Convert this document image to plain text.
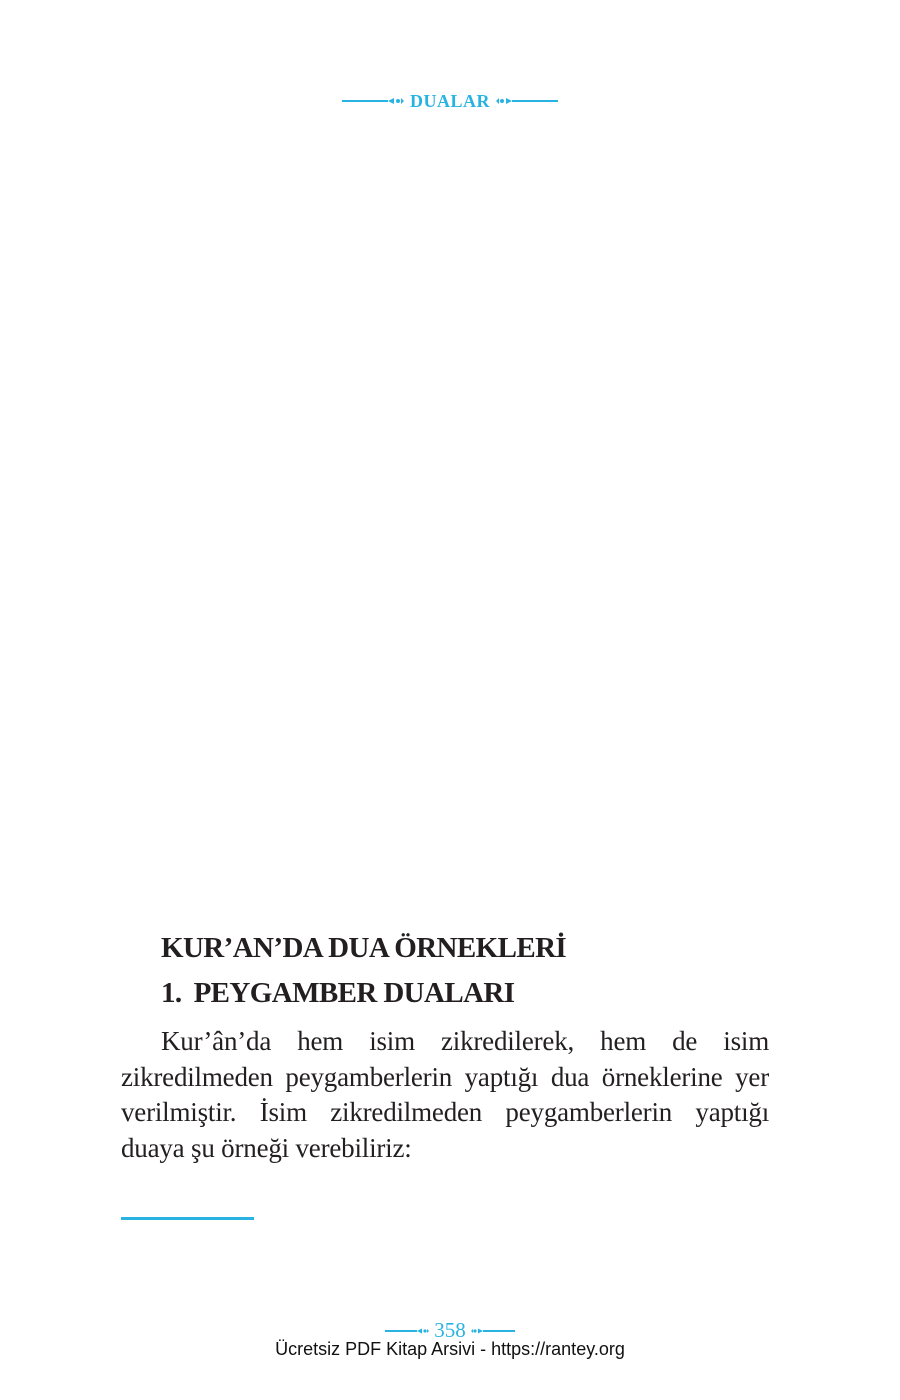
DUALAR
KUR’AN’DA DUA ÖRNEKLERİ
1. PEYGAMBER DUALARI

Kur’ân’da hem isim zikredilerek, hem de isim zikredilmeden peygamberlerin yaptığı dua örneklerine yer verilmiştir. İsim zikredilmeden peygamberlerin yaptığı duaya şu örneği verebiliriz:

358
Ücretsiz PDF Kitap Arsivi - https://rantey.org
